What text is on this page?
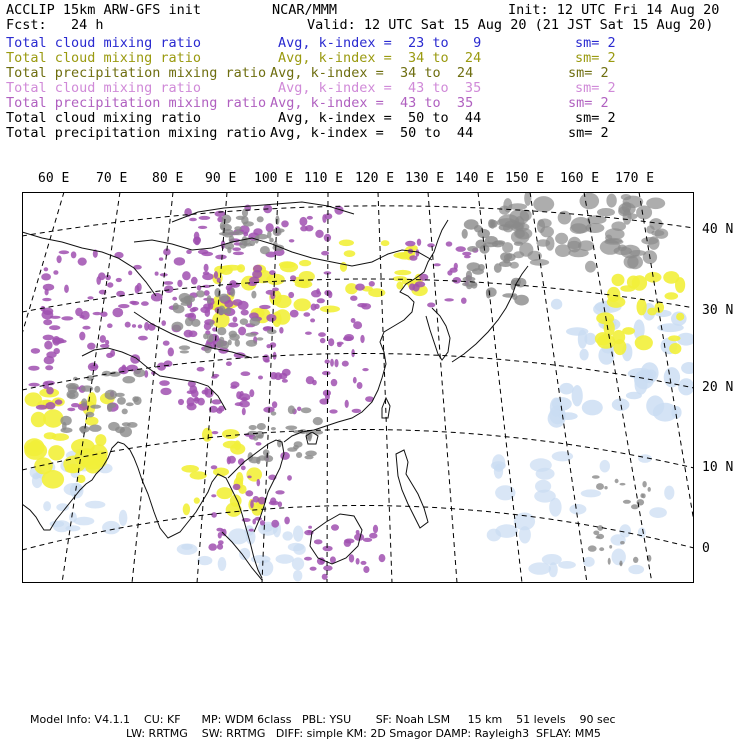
ACCLIP 15km ARW-GFS init	NCAR/MMM	Init: 12 UTC Fri 14 Aug 20
Fcst:   24 h	Valid: 12 UTC Sat 15 Aug 20 (21 JST Sat 15 Aug 20)
Total cloud mixing ratio	Avg, k-index =  23 to   9	sm= 2
Total cloud mixing ratio	Avg, k-index =  34 to  24	sm= 2
Total precipitation mixing ratio Avg, k-index =  34 to  24	sm= 2
Total cloud mixing ratio	Avg, k-index =  43 to  35	sm= 2
Total precipitation mixing ratio Avg, k-index =  43 to  35	sm= 2
Total cloud mixing ratio	Avg, k-index =  50 to  44	sm= 2
Total precipitation mixing ratio Avg, k-index =  50 to  44	sm= 2
60 E 70 E 80 E 90 E 100 E 110 E 120 E 130 E 140 E 150 E 160 E 170 E
40 N
30 N
20 N
10 N
0
Model Info: V4.1.1    CU: KF      MP: WDM 6class   PBL: YSU       SF: Noah LSM     15 km    51 levels    90 sec
LW: RRTMG    SW: RRTMG   DIFF: simple KM: 2D Smagor DAMP: Rayleigh3  SFLAY: MM5
